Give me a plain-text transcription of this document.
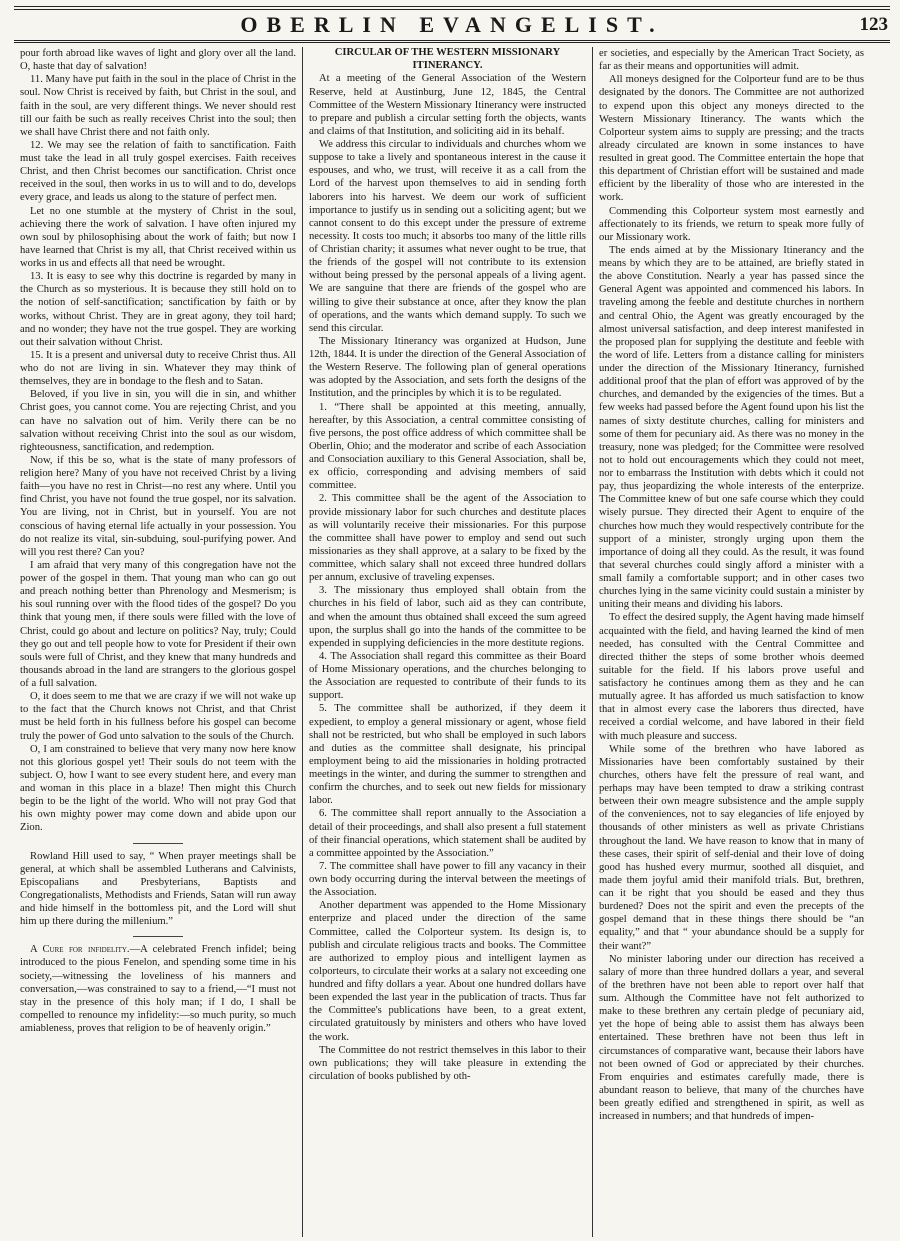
OBERLIN EVANGELIST.	123

pour forth abroad like waves of light and glory over all the land. O, haste that day of salvation!

11. Many have put faith in the soul in the place of Christ in the soul. Now Christ is received by faith, but Christ in the soul, and faith in the soul, are very different things. We never should rest till our faith be such as really receives Christ into the soul; then we shall have Christ there and not faith only.

12. We may see the relation of faith to sanctification. Faith must take the lead in all truly gospel exercises. Faith receives Christ, and then Christ becomes our sanctification. Christ once received in the soul, then works in us to will and to do, develops every grace, and leads us along to the stature of perfect men.

Let no one stumble at the mystery of Christ in the soul, achieving there the work of salvation. I have often injured my own soul by philosophising about the work of faith; but now I have learned that Christ is my all, that Christ received within us works in us and effects all that need be wrought.

13. It is easy to see why this doctrine is regarded by many in the Church as so mysterious. It is because they still hold on to the notion of self-sanctification; sanctification by faith or by works, without Christ. They are in great agony, they toil hard; and no wonder; they have not the true gospel. They are working out their salvation without Christ.

15. It is a present and universal duty to receive Christ thus. All who do not are living in sin. Whatever they may think of themselves, they are in bondage to the flesh and to Satan.

Beloved, if you live in sin, you will die in sin, and whither Christ goes, you cannot come. You are rejecting Christ, and you can have no salvation out of him. Verily there can be no salvation without receiving Christ into the soul as our wisdom, righteousness, sanctification, and redemption.

Now, if this be so, what is the state of many professors of religion here? Many of you have not received Christ by a living faith—you have no rest in Christ—no rest any where. Until you find Christ, you have not found the true gospel, nor its salvation. You are living, not in Christ, but in yourself. You are not conscious of having eternal life actually in your possession. You do not realize its vital, sin-subduing, soul-purifying power. And will you rest there? Can you?

I am afraid that very many of this congregation have not the power of the gospel in them. That young man who can go out and preach nothing better than Phrenology and Mesmerism; is his soul running over with the flood tides of the gospel? Do you think that young men, if there souls were filled with the love of Christ, could go about and lecture on politics? Nay, truly; Could they go out and tell people how to vote for President if their own souls were full of Christ, and they knew that many hundreds and thousands abroad in the land are strangers to the glorious gospel of a full salvation.

O, it does seem to me that we are crazy if we will not wake up to the fact that the Church knows not Christ, and that Christ must be held forth in his fullness before his gospel can become truly the power of God unto salvation to the souls of the Church.

O, I am constrained to believe that very many now here know not this glorious gospel yet! Their souls do not teem with the subject. O, how I want to see every student here, and every man and woman in this place in a blaze! Then might this Church begin to be the light of the world. Who will not pray God that his own mighty power may come down and abide upon our Zion.

Rowland Hill used to say, “ When prayer meetings shall be general, at which shall be assembled Lutherans and Calvinists, Episcopalians and Presbyterians, Baptists and Congregationalists, Methodists and Friends, Satan will run away and hide himself in the bottomless pit, and the Lord will shut him up there during the millenium.”

A Cure for infidelity.—A celebrated French infidel; being introduced to the pious Fenelon, and spending some time in his society,—witnessing the loveliness of his manners and conversation,—was constrained to say to a friend,—“I must not stay in the presence of this holy man; if I do, I shall be compelled to renounce my infidelity:—so much purity, so much amiableness, proves that religion to be of heavenly origin.”

CIRCULAR OF THE WESTERN MISSIONARY ITINERANCY.

At a meeting of the General Association of the Western Reserve, held at Austinburg, June 12, 1845, the Central Committee of the Western Missionary Itinerancy were instructed to prepare and publish a circular setting forth the objects, wants and claims of that Institution, and soliciting aid in its behalf.

We address this circular to individuals and churches whom we suppose to take a lively and spontaneous interest in the cause it espouses, and who, we trust, will receive it as a call from the Lord of the harvest upon themselves to aid in sending forth laborers into his harvest. We deem our work of sufficient importance to justify us in sending out a soliciting agent; but we cannot consent to do this except under the pressure of extreme necessity. It costs too much; it absorbs too many of the little rills of Christian charity; it assumes what never ought to be true, that the friends of the gospel will not contribute to its extension without being pressed by the personal appeals of a living agent. We are sanguine that there are friends of the gospel who are willing to give their substance at once, after they know the plan of operations, and the wants which demand supply. To such we send this circular.

The Missionary Itinerancy was organized at Hudson, June 12th, 1844. It is under the direction of the General Association of the Western Reserve. The following plan of general operations was adopted by the Association, and sets forth the designs of the Institution, and the principles by which it is to be regulated.

1. “There shall be appointed at this meeting, annually, hereafter, by this Association, a central committee consisting of five persons, the post office address of which committee shall be Oberlin, Ohio; and the moderator and scribe of each Association and Consociation auxiliary to this General Association, shall be, ex officio, corresponding and advising members of said committee.

2. This committee shall be the agent of the Association to provide missionary labor for such churches and destitute places as will voluntarily receive their missionaries. For this purpose the committee shall have power to employ and send out such missionaries as they shall approve, at a salary to be fixed by the committee, which salary shall not exceed three hundred dollars per annum, exclusive of traveling expenses.

3. The missionary thus employed shall obtain from the churches in his field of labor, such aid as they can contribute, and when the amount thus obtained shall exceed the sum agreed upon, the surplus shall go into the hands of the committee to be expended in supplying deficiencies in the more destitute regions.

4. The Association shall regard this committee as their Board of Home Missionary operations, and the churches belonging to the Association are requested to contribute of their funds to its support.

5. The committee shall be authorized, if they deem it expedient, to employ a general missionary or agent, whose field shall not be restricted, but who shall be employed in such labors and duties as the committee shall designate, his principal employment being to aid the missionaries in holding protracted meetings in the winter, and during the summer to strengthen and confirm the churches, and to seek out new fields for missionary labor.

6. The committee shall report annually to the Association a detail of their proceedings, and shall also present a full statement of their financial operations, which statement shall be audited by a committee appointed by the Association.”

7. The committee shall have power to fill any vacancy in their own body occurring during the interval between the meetings of the Association.

Another department was appended to the Home Missionary enterprize and placed under the direction of the same Committee, called the Colporteur system. Its design is, to publish and circulate religious tracts and books. The Committee are authorized to employ pious and intelligent laymen as colporteurs, to circulate their works at a salary not exceeding one hundred and fifty dollars a year. About one hundred dollars have been expended the last year in the publication of tracts. Thus far the Committee's publications have been, to a great extent, circulated gratuitously by ministers and others who have loved the work.

The Committee do not restrict themselves in this labor to their own publications; they will take pleasure in extending the circulation of books published by oth-

er societies, and especially by the American Tract Society, as far as their means and opportunities will admit.

All moneys designed for the Colporteur fund are to be thus designated by the donors. The Committee are not authorized to expend upon this object any moneys directed to the Western Missionary Itinerancy. The wants which the Colporteur system aims to supply are pressing; and the tracts already circulated are known in some instances to have resulted in great good. The Committee entertain the hope that this department of Christian effort will be sustained and made efficient by the liberality of those who are interested in the work.

Commending this Colporteur system most earnestly and affectionately to its friends, we return to speak more fully of our Missionary work.

The ends aimed at by the Missionary Itinerancy and the means by which they are to be attained, are briefly stated in the above Constitution. Nearly a year has passed since the General Agent was appointed and commenced his labors. In traveling among the feeble and destitute churches in northern and central Ohio, the Agent was greatly encouraged by the almost universal satisfaction, and deep interest manifested in the proposed plan for supplying the destitute and feeble with the word of life. Letters from a distance calling for ministers under the direction of the Missionary Itinerancy, furnished additional proof that the plan of effort was approved of by the churches, and demanded by the exigencies of the times. But a few weeks had passed before the Agent found upon his list the names of sixty destitute churches, calling for ministers and some of them for pecuniary aid. As there was no money in the treasury, none was pledged; for the Committee were resolved not to hold out encouragements which they could not meet, nor to embarrass the Institution with debts which it could not pay, thus jeopardizing the whole interests of the enterprize. The Committee knew of but one safe course which they could wisely pursue. They directed their Agent to enquire of the churches how much they would respectively contribute for the support of a minister, strongly urging upon them the importance of doing all they could. As the result, it was found that several churches could singly afford a minister with a small family a comfortable support; and in other cases two churches lying in the same vicinity could sustain a minister by uniting their means and dividing his labors.

To effect the desired supply, the Agent having made himself acquainted with the field, and having learned the kind of men needed, has consulted with the Central Committee and directed thither the steps of some brother whois deemed suitable for the field. If his labors prove useful and satisfactory he continues among them as they and he can mutually agree. It has afforded us much satisfaction to know that in almost every case the laborers thus directed, have received a cordial welcome, and have labored in their field with much pleasure and success.

While some of the brethren who have labored as Missionaries have been comfortably sustained by their churches, others have felt the pressure of real want, and perhaps may have been tempted to draw a striking contrast between their own meagre subsistence and the ample supply of the conveniences, not to say elegancies of life enjoyed by thousands of other ministers as well as private Christians throughout the land. We have reason to know that in many of these cases, their spirit of self-denial and their love of doing good has hushed every murmur, soothed all disquiet, and made them joyful amid their manifold trials. But, brethren, can it be right that you should be eased and they thus burdened? Does not the spirit and even the precepts of the gospel demand that in these things there should be “an equality,” and that “ your abundance should be a supply for their want?”

No minister laboring under our direction has received a salary of more than three hundred dollars a year, and several of the brethren have not been able to report over half that sum. Although the Committee have not felt authorized to make to these brethren any certain pledge of pecuniary aid, yet the hope of being able to assist them has always been entertained. These brethren have not been thus left in circumstances of comparative want, because their labors have not been owned of God or appreciated by their churches. From enquiries and estimates carefully made, there is abundant reason to believe, that many of the churches have been greatly edified and strengthened in spirit, as well as increased in numbers; and that hundreds of impen-
